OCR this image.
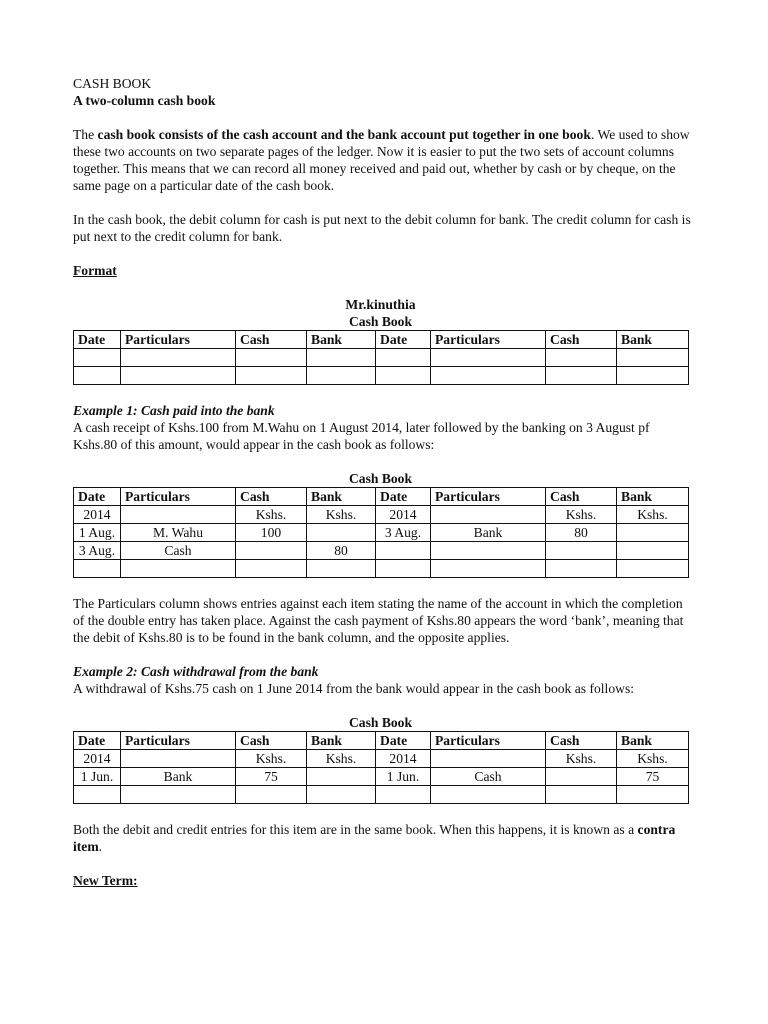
CASH BOOK

A two-column cash book

The cash book consists of the cash account and the bank account put together in one book. We used to show these two accounts on two separate pages of the ledger. Now it is easier to put the two sets of account columns together. This means that we can record all money received and paid out, whether by cash or by cheque, on the same page on a particular date of the cash book.

In the cash book, the debit column for cash is put next to the debit column for bank. The credit column for cash is put next to the credit column for bank.

Format

Mr.kinuthia

Cash Book

Date	Particulars	Cash	Bank	Date	Particulars	Cash	Bank

Example 1: Cash paid into the bank

A cash receipt of Kshs.100 from M.Wahu on 1 August 2014, later followed by the banking on 3 August pf Kshs.80 of this amount, would appear in the cash book as follows:

Cash Book

Date	Particulars	Cash	Bank	Date	Particulars	Cash	Bank
2014		Kshs.	Kshs.	2014		Kshs.	Kshs.
1 Aug.	M. Wahu	100		3 Aug.	Bank	80	
3 Aug.	Cash		80				

The Particulars column shows entries against each item stating the name of the account in which the completion of the double entry has taken place. Against the cash payment of Kshs.80 appears the word ‘bank’, meaning that the debit of Kshs.80 is to be found in the bank column, and the opposite applies.

Example 2: Cash withdrawal from the bank

A withdrawal of Kshs.75 cash on 1 June 2014 from the bank would appear in the cash book as follows:

Cash Book

Date	Particulars	Cash	Bank	Date	Particulars	Cash	Bank
2014		Kshs.	Kshs.	2014		Kshs.	Kshs.
1 Jun.	Bank	75		1 Jun.	Cash		75

Both the debit and credit entries for this item are in the same book. When this happens, it is known as a contra item.

New Term:
